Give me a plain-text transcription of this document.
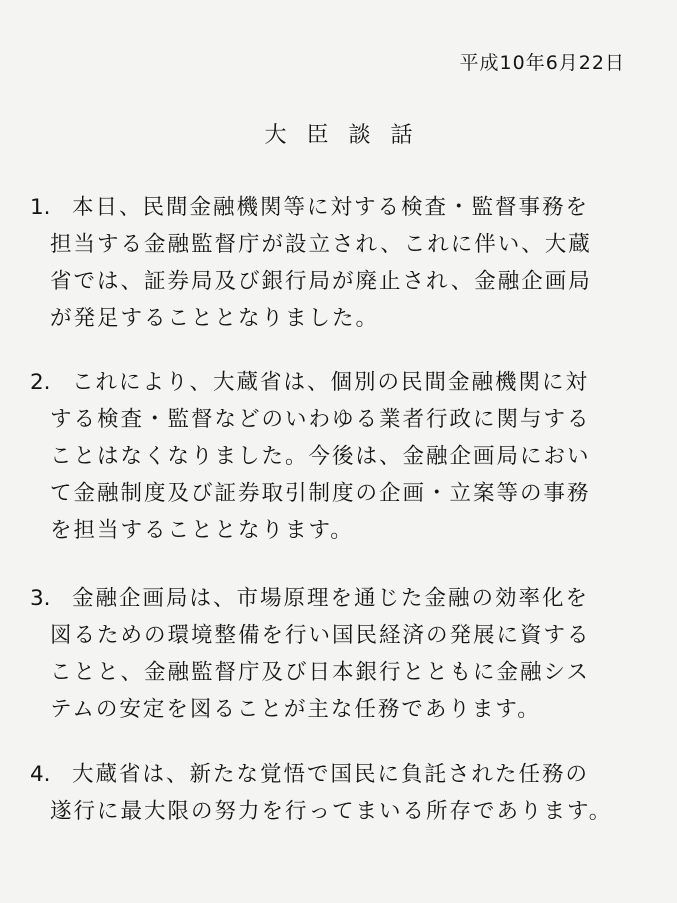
平成10年6月22日
大臣談話
1. 本日、民間金融機関等に対する検査・監督事務を
担当する金融監督庁が設立され、これに伴い、大蔵
省では、証券局及び銀行局が廃止され、金融企画局
が発足することとなりました。
2. これにより、大蔵省は、個別の民間金融機関に対
する検査・監督などのいわゆる業者行政に関与する
ことはなくなりました。今後は、金融企画局におい
て金融制度及び証券取引制度の企画・立案等の事務
を担当することとなります。
3. 金融企画局は、市場原理を通じた金融の効率化を
図るための環境整備を行い国民経済の発展に資する
ことと、金融監督庁及び日本銀行とともに金融シス
テムの安定を図ることが主な任務であります。
4. 大蔵省は、新たな覚悟で国民に負託された任務の
遂行に最大限の努力を行ってまいる所存であります。
